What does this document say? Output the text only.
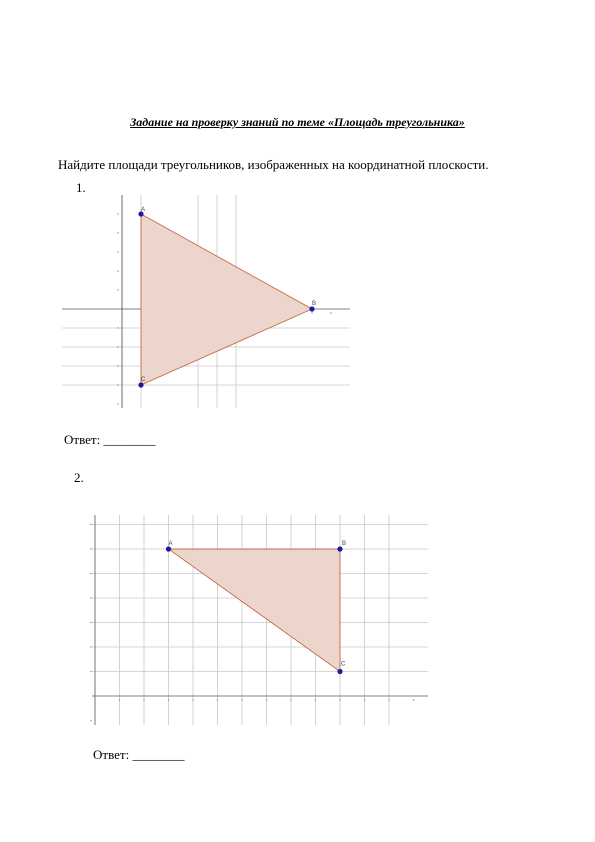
Задание на проверку знаний по теме «Площадь треугольника»
Найдите площади треугольников, изображенных на координатной плоскости.
1.
A
B
C
Ответ: ________
2.
A	B
C
Ответ: ________
